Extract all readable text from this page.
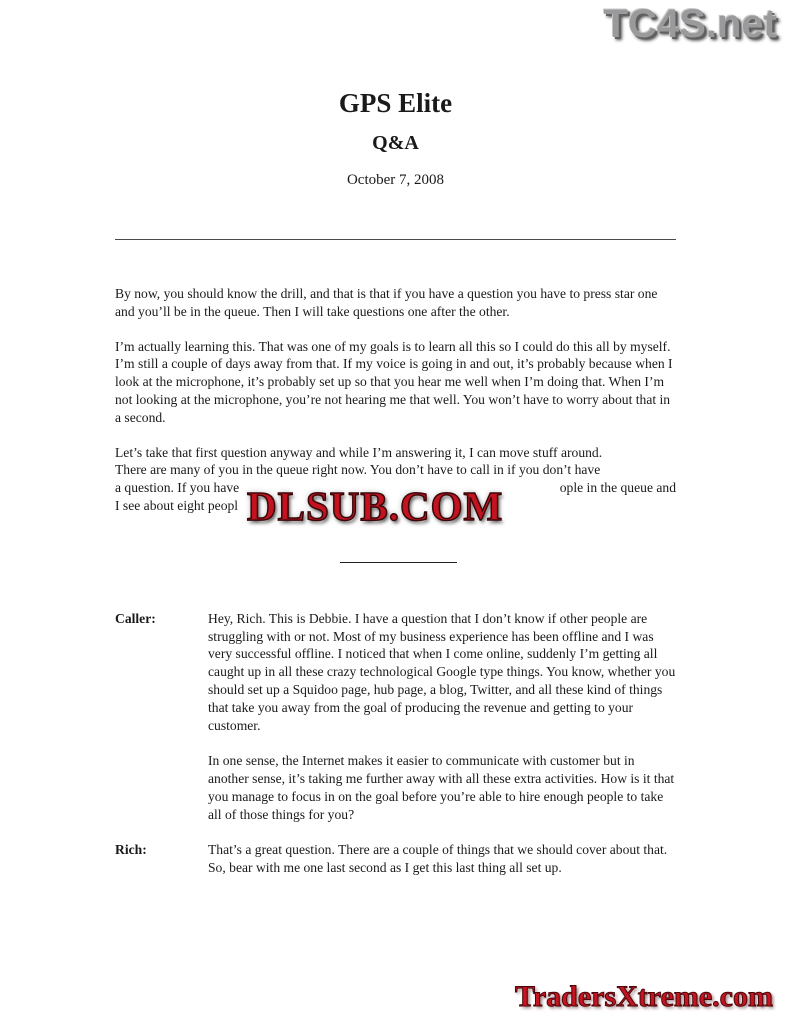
TC4S.net
GPS Elite
Q&A
October 7, 2008

By now, you should know the drill, and that is that if you have a question you have to press star one and you’ll be in the queue. Then I will take questions one after the other.

I’m actually learning this. That was one of my goals is to learn all this so I could do this all by myself. I’m still a couple of days away from that. If my voice is going in and out, it’s probably because when I look at the microphone, it’s probably set up so that you hear me well when I’m doing that. When I’m not looking at the microphone, you’re not hearing me that well. You won’t have to worry about that in a second.

Let’s take that first question anyway and while I’m answering it, I can move stuff around.
There are many of you in the queue right now. You don’t have to call in if you don’t have
a question. If you have	ople in the queue and
I see about eight peopl
Caller:	Hey, Rich. This is Debbie. I have a question that I don’t know if other people are struggling with or not. Most of my business experience has been offline and I was very successful offline. I noticed that when I come online, suddenly I’m getting all caught up in all these crazy technological Google type things. You know, whether you should set up a Squidoo page, hub page, a blog, Twitter, and all these kind of things that take you away from the goal of producing the revenue and getting to your customer.

In one sense, the Internet makes it easier to communicate with customer but in another sense, it’s taking me further away with all these extra activities. How is it that you manage to focus in on the goal before you’re able to hire enough people to take all of those things for you?

Rich:	That’s a great question. There are a couple of things that we should cover about that. So, bear with me one last second as I get this last thing all set up.

DLSUB.COM
TradersXtreme.com
